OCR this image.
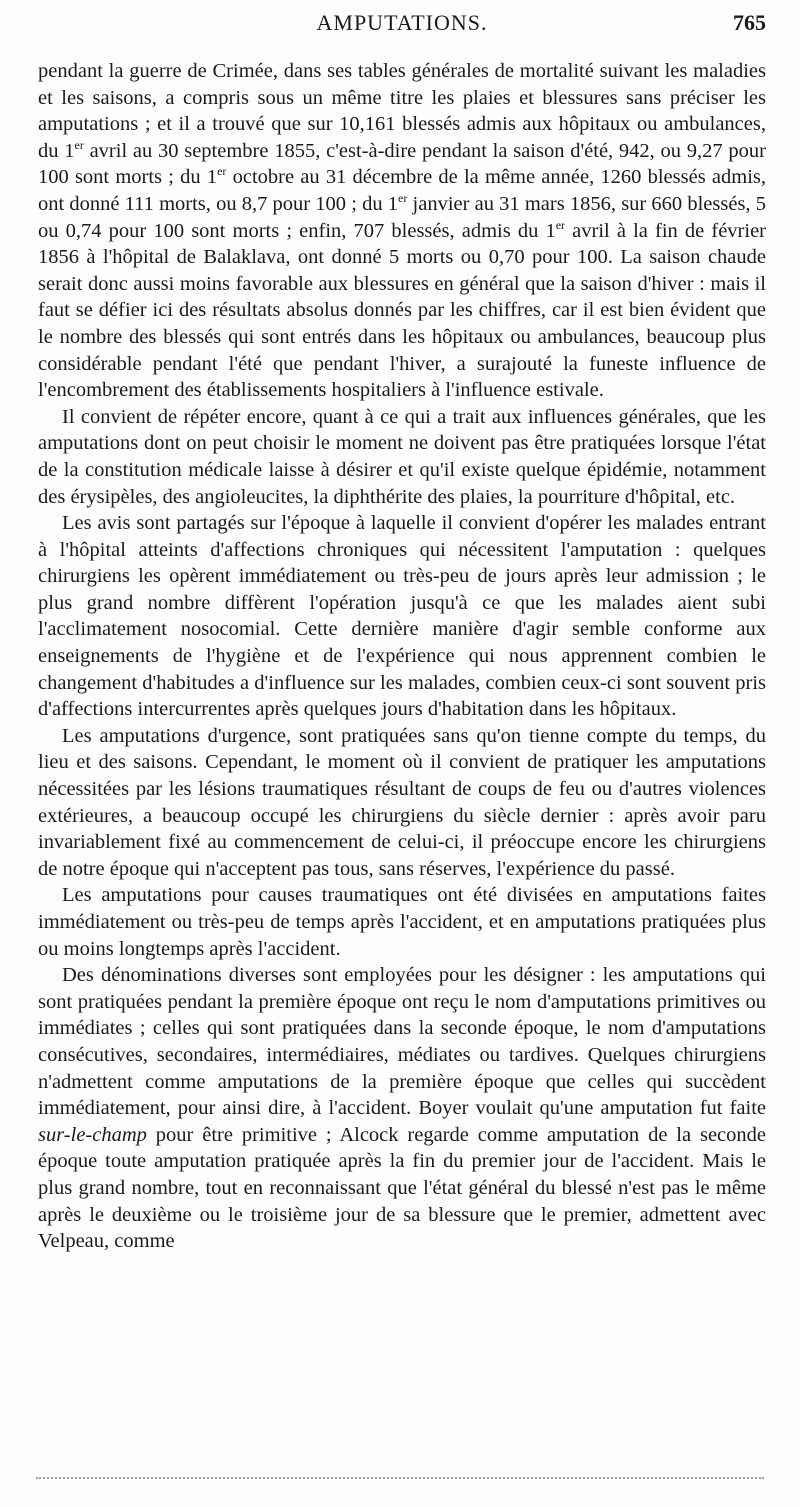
AMPUTATIONS.	765

pendant la guerre de Crimée, dans ses tables générales de mortalité suivant les maladies et les saisons, a compris sous un même titre les plaies et blessures sans préciser les amputations ; et il a trouvé que sur 10,161 blessés admis aux hôpitaux ou ambulances, du 1er avril au 30 septembre 1855, c'est-à-dire pendant la saison d'été, 942, ou 9,27 pour 100 sont morts ; du 1er octobre au 31 décembre de la même année, 1260 blessés admis, ont donné 111 morts, ou 8,7 pour 100 ; du 1er janvier au 31 mars 1856, sur 660 blessés, 5 ou 0,74 pour 100 sont morts ; enfin, 707 blessés, admis du 1er avril à la fin de février 1856 à l'hôpital de Balaklava, ont donné 5 morts ou 0,70 pour 100. La saison chaude serait donc aussi moins favorable aux blessures en général que la saison d'hiver : mais il faut se défier ici des résultats absolus donnés par les chiffres, car il est bien évident que le nombre des blessés qui sont entrés dans les hôpitaux ou ambulances, beaucoup plus considérable pendant l'été que pendant l'hiver, a surajouté la funeste influence de l'encombrement des établissements hospitaliers à l'influence estivale.

Il convient de répéter encore, quant à ce qui a trait aux influences générales, que les amputations dont on peut choisir le moment ne doivent pas être pratiquées lorsque l'état de la constitution médicale laisse à désirer et qu'il existe quelque épidémie, notamment des érysipèles, des angioleucites, la diphthérite des plaies, la pourriture d'hôpital, etc.

Les avis sont partagés sur l'époque à laquelle il convient d'opérer les malades entrant à l'hôpital atteints d'affections chroniques qui nécessitent l'amputation : quelques chirurgiens les opèrent immédiatement ou très-peu de jours après leur admission ; le plus grand nombre diffèrent l'opération jusqu'à ce que les malades aient subi l'acclimatement nosocomial. Cette dernière manière d'agir semble conforme aux enseignements de l'hygiène et de l'expérience qui nous apprennent combien le changement d'habitudes a d'influence sur les malades, combien ceux-ci sont souvent pris d'affections intercurrentes après quelques jours d'habitation dans les hôpitaux.

Les amputations d'urgence, sont pratiquées sans qu'on tienne compte du temps, du lieu et des saisons. Cependant, le moment où il convient de pratiquer les amputations nécessitées par les lésions traumatiques résultant de coups de feu ou d'autres violences extérieures, a beaucoup occupé les chirurgiens du siècle dernier : après avoir paru invariablement fixé au commencement de celui-ci, il préoccupe encore les chirurgiens de notre époque qui n'acceptent pas tous, sans réserves, l'expérience du passé.

Les amputations pour causes traumatiques ont été divisées en amputations faites immédiatement ou très-peu de temps après l'accident, et en amputations pratiquées plus ou moins longtemps après l'accident.

Des dénominations diverses sont employées pour les désigner : les amputations qui sont pratiquées pendant la première époque ont reçu le nom d'amputations primitives ou immédiates ; celles qui sont pratiquées dans la seconde époque, le nom d'amputations consécutives, secondaires, intermédiaires, médiates ou tardives. Quelques chirurgiens n'admettent comme amputations de la première époque que celles qui succèdent immédiatement, pour ainsi dire, à l'accident. Boyer voulait qu'une amputation fut faite sur-le-champ pour être primitive ; Alcock regarde comme amputation de la seconde époque toute amputation pratiquée après la fin du premier jour de l'accident. Mais le plus grand nombre, tout en reconnaissant que l'état général du blessé n'est pas le même après le deuxième ou le troisième jour de sa blessure que le premier, admettent avec Velpeau, comme
